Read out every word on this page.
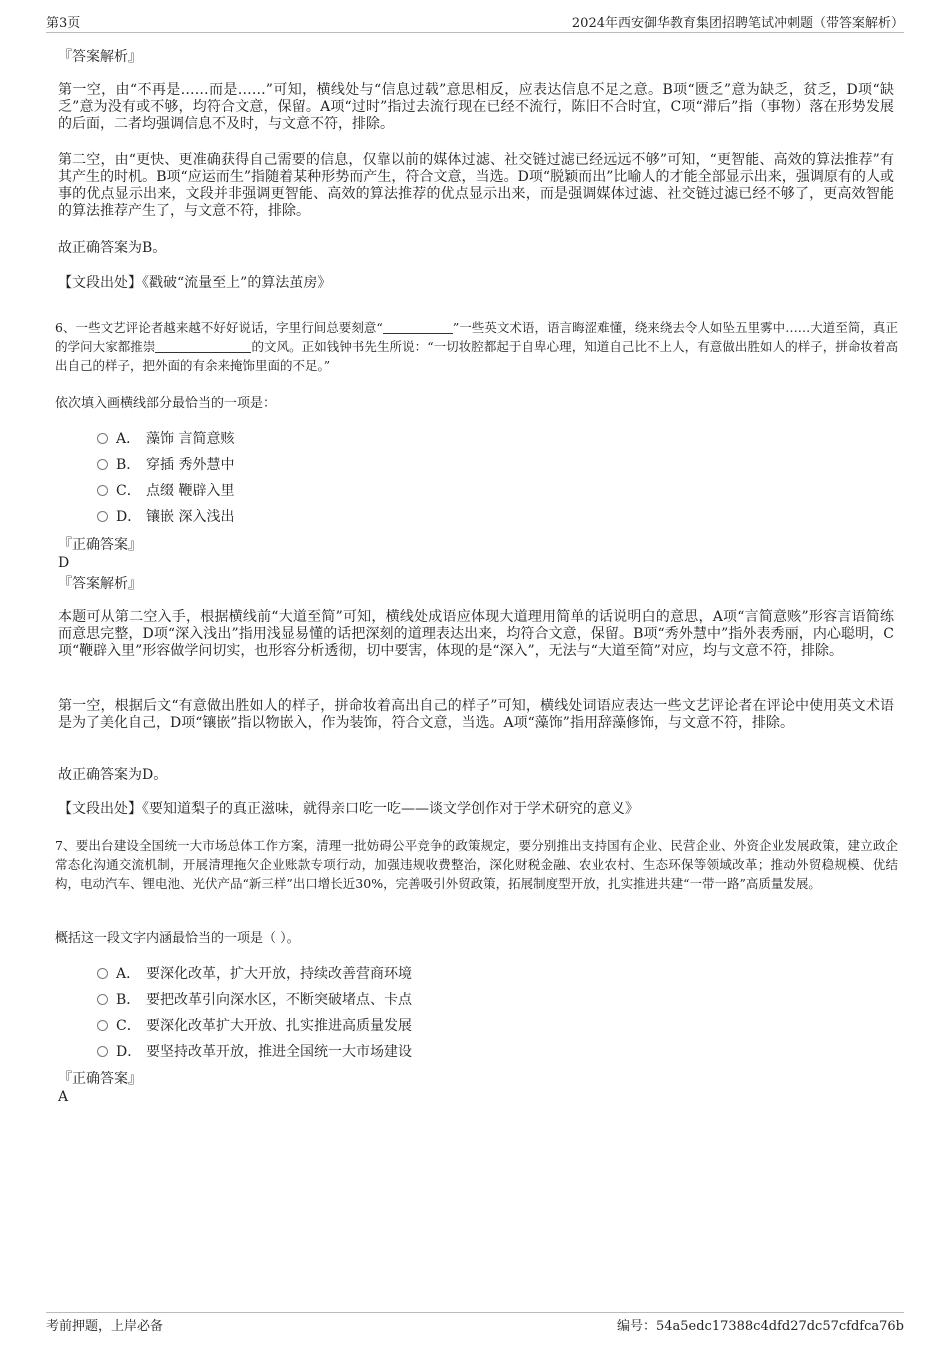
第3页	2024年西安御华教育集团招聘笔试冲刺题（带答案解析）
『答案解析』
第一空，由“不再是……而是……”可知，横线处与“信息过载”意思相反，应表达信息不足之意。B项“匮乏”意为缺乏，贫乏，D项“缺乏”意为没有或不够，均符合文意，保留。A项“过时”指过去流行现在已经不流行，陈旧不合时宜，C项“滞后”指（事物）落在形势发展的后面，二者均强调信息不及时，与文意不符，排除。
第二空，由“更快、更准确获得自己需要的信息，仅靠以前的媒体过滤、社交链过滤已经远远不够”可知，“更智能、高效的算法推荐”有其产生的时机。B项“应运而生”指随着某种形势而产生，符合文意，当选。D项“脱颖而出”比喻人的才能全部显示出来，强调原有的人或事的优点显示出来，文段并非强调更智能、高效的算法推荐的优点显示出来，而是强调媒体过滤、社交链过滤已经不够了，更高效智能的算法推荐产生了，与文意不符，排除。
故正确答案为B。
【文段出处】《戳破“流量至上”的算法茧房》
6、一些文艺评论者越来越不好好说话，字里行间总要刻意“	”一些英文术语，语言晦涩难懂，绕来绕去令人如坠五里雾中……大道至简，真正的学问大家都推崇	的文风。正如钱钟书先生所说：“一切妆腔都起于自卑心理，知道自己比不上人，有意做出胜如人的样子，拼命妆着高出自己的样子，把外面的有余来掩饰里面的不足。”
依次填入画横线部分最恰当的一项是：
A． 藻饰 言简意赅
B． 穿插 秀外慧中
C． 点缀 鞭辟入里
D． 镶嵌 深入浅出
『正确答案』
D
『答案解析』
本题可从第二空入手，根据横线前“大道至简”可知，横线处成语应体现大道理用简单的话说明白的意思，A项“言简意赅”形容言语简练而意思完整，D项“深入浅出”指用浅显易懂的话把深刻的道理表达出来，均符合文意，保留。B项“秀外慧中”指外表秀丽，内心聪明，C项“鞭辟入里”形容做学问切实，也形容分析透彻，切中要害，体现的是“深入”，无法与“大道至简”对应，均与文意不符，排除。
第一空，根据后文“有意做出胜如人的样子，拼命妆着高出自己的样子”可知，横线处词语应表达一些文艺评论者在评论中使用英文术语是为了美化自己，D项“镶嵌”指以物嵌入，作为装饰，符合文意，当选。A项“藻饰”指用辞藻修饰，与文意不符，排除。
故正确答案为D。
【文段出处】《要知道梨子的真正滋味，就得亲口吃一吃——谈文学创作对于学术研究的意义》
7、要出台建设全国统一大市场总体工作方案，清理一批妨碍公平竞争的政策规定，要分别推出支持国有企业、民营企业、外资企业发展政策，建立政企常态化沟通交流机制，开展清理拖欠企业账款专项行动，加强违规收费整治，深化财税金融、农业农村、生态环保等领域改革；推动外贸稳规模、优结构，电动汽车、锂电池、光伏产品“新三样”出口增长近30%，完善吸引外贸政策，拓展制度型开放，扎实推进共建“一带一路”高质量发展。
概括这一段文字内涵最恰当的一项是（ ）。
A． 要深化改革，扩大开放，持续改善营商环境
B． 要把改革引向深水区，不断突破堵点、卡点
C． 要深化改革扩大开放、扎实推进高质量发展
D． 要坚持改革开放，推进全国统一大市场建设
『正确答案』
A
考前押题，上岸必备	编号：54a5edc17388c4dfd27dc57cfdfca76b
